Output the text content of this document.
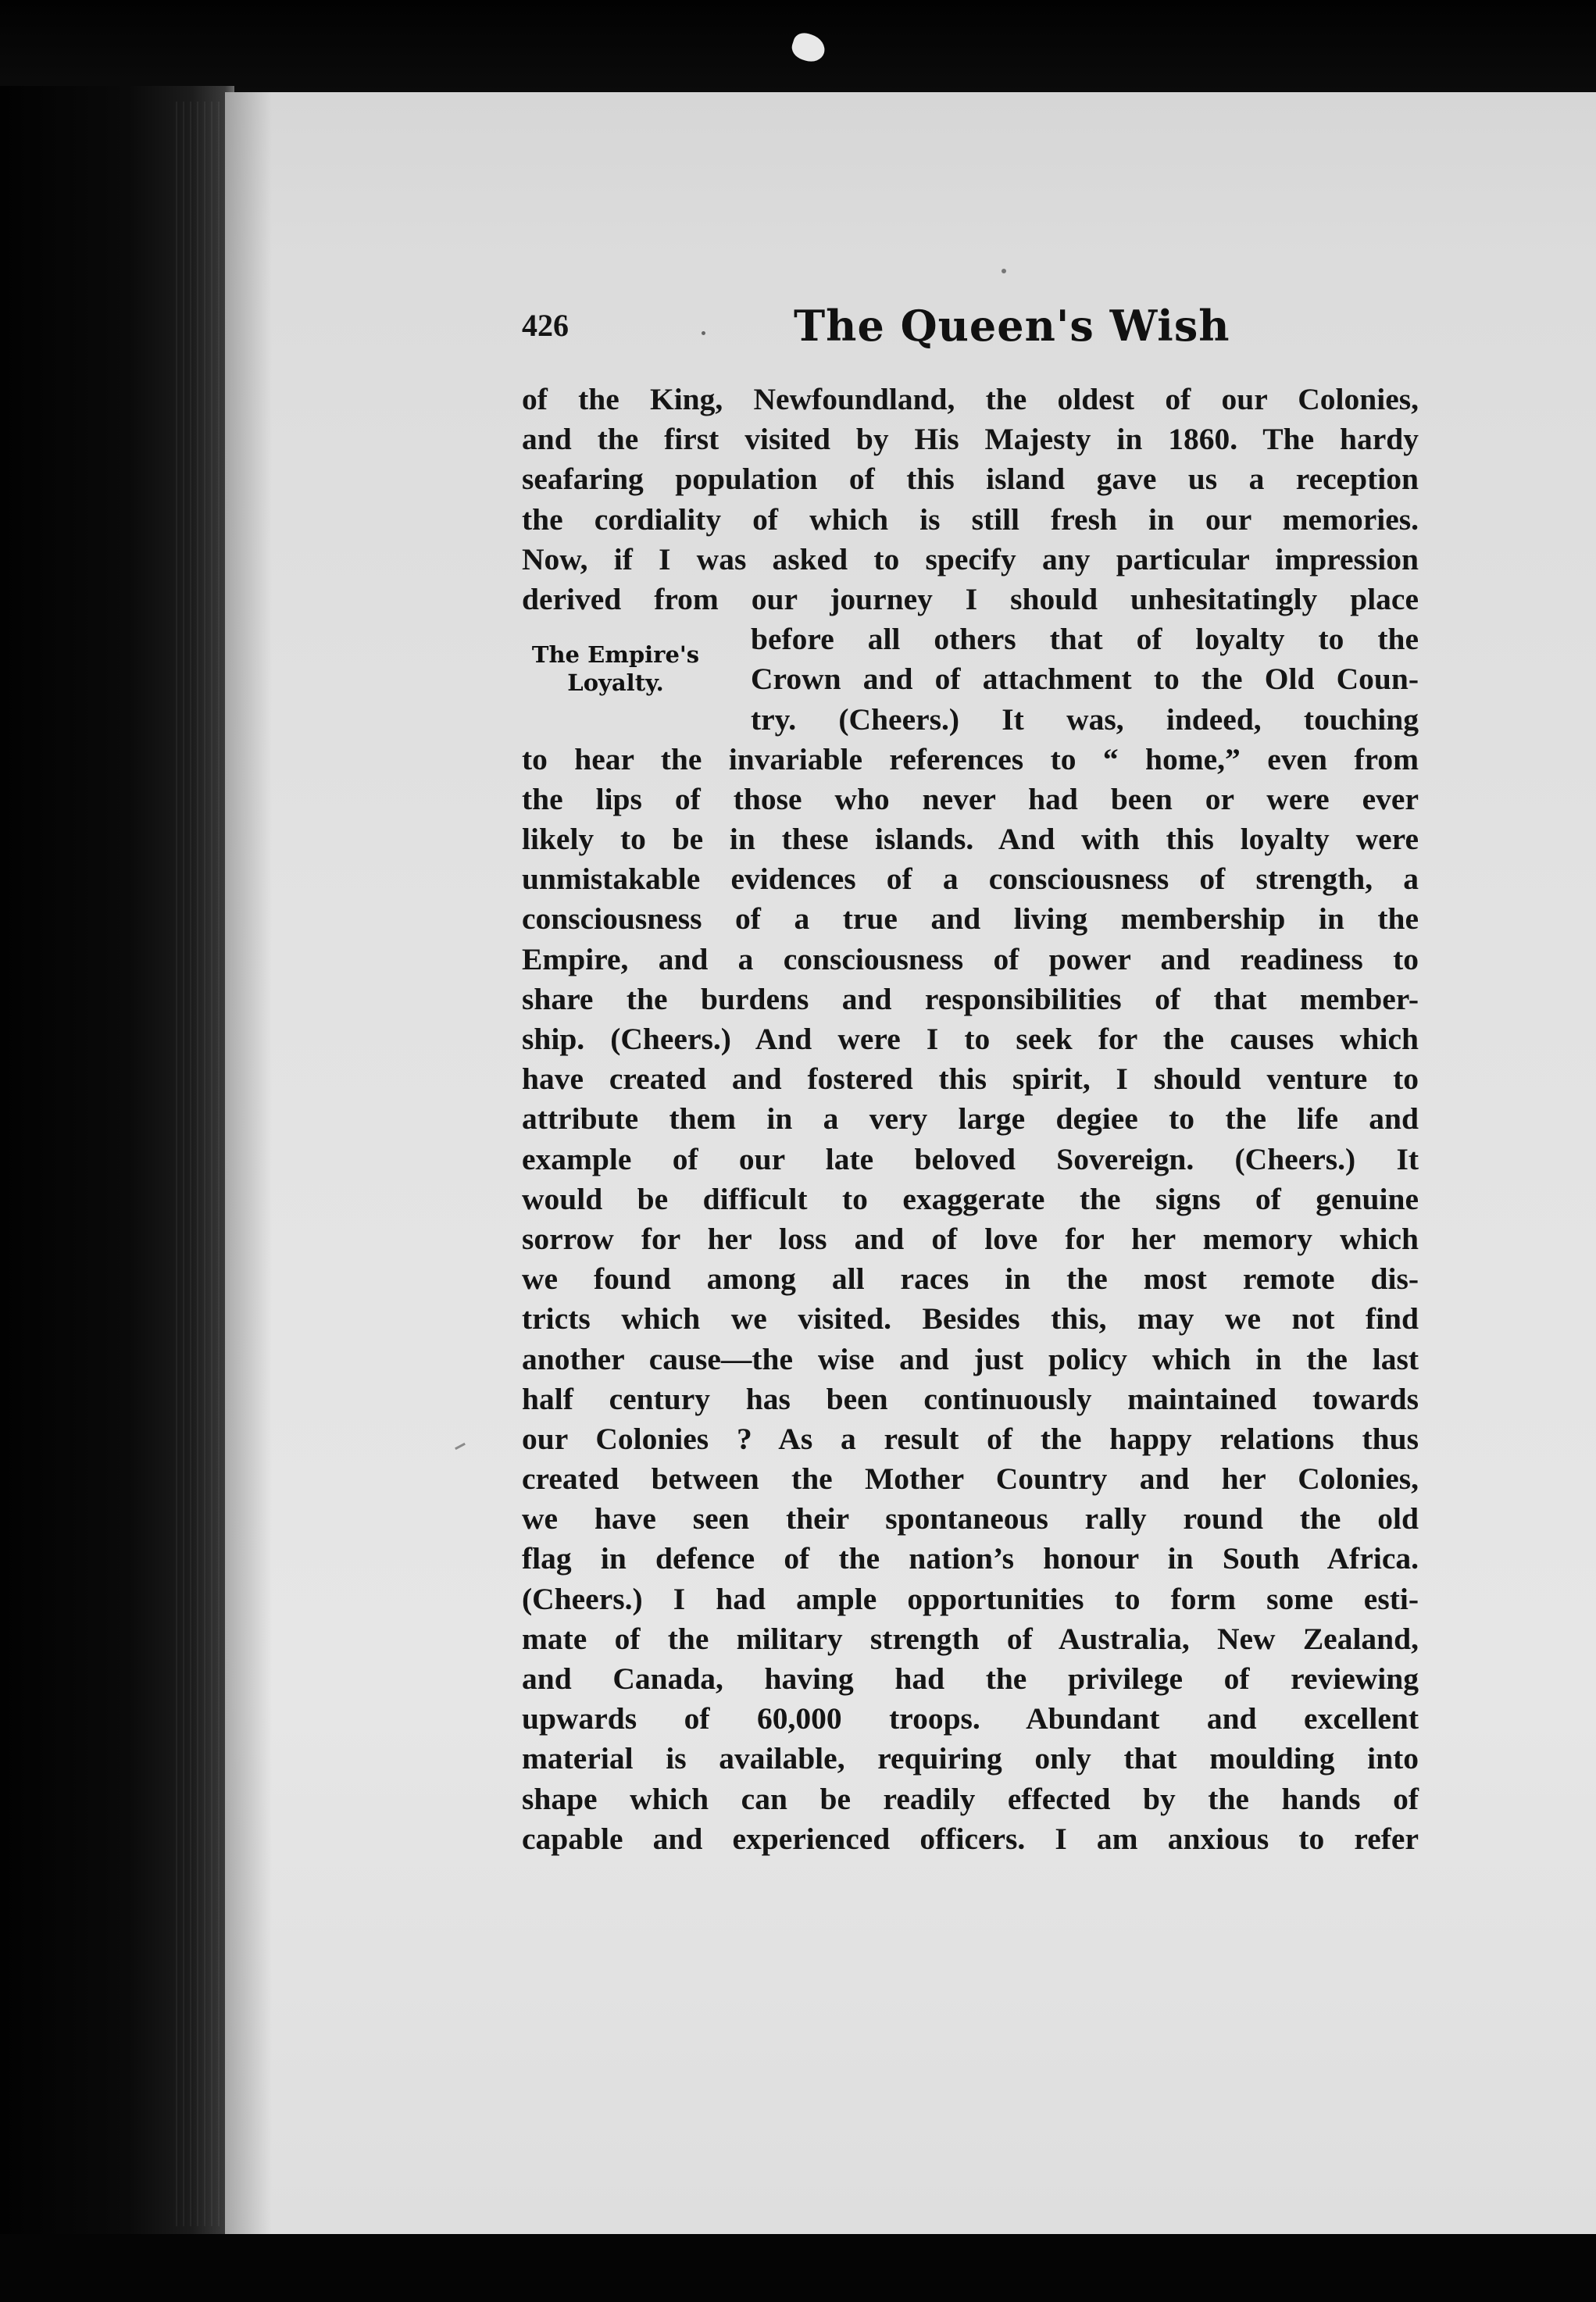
426	The Queen's Wish
The Empire's
Loyalty.
of the King, Newfoundland, the oldest of our Colonies,
and the first visited by His Majesty in 1860. The hardy
seafaring population of this island gave us a reception
the cordiality of which is still fresh in our memories.
Now, if I was asked to specify any particular impression
derived from our journey I should unhesitatingly place
before all others that of loyalty to the
Crown and of attachment to the Old Coun-
try. (Cheers.) It was, indeed, touching
to hear the invariable references to “ home,” even from
the lips of those who never had been or were ever
likely to be in these islands. And with this loyalty were
unmistakable evidences of a consciousness of strength, a
consciousness of a true and living membership in the
Empire, and a consciousness of power and readiness to
share the burdens and responsibilities of that member-
ship. (Cheers.) And were I to seek for the causes which
have created and fostered this spirit, I should venture to
attribute them in a very large degiee to the life and
example of our late beloved Sovereign. (Cheers.) It
would be difficult to exaggerate the signs of genuine
sorrow for her loss and of love for her memory which
we found among all races in the most remote dis-
tricts which we visited. Besides this, may we not find
another cause—the wise and just policy which in the last
half century has been continuously maintained towards
our Colonies ? As a result of the happy relations thus
created between the Mother Country and her Colonies,
we have seen their spontaneous rally round the old
flag in defence of the nation’s honour in South Africa.
(Cheers.) I had ample opportunities to form some esti-
mate of the military strength of Australia, New Zealand,
and Canada, having had the privilege of reviewing
upwards of 60,000 troops. Abundant and excellent
material is available, requiring only that moulding into
shape which can be readily effected by the hands of
capable and experienced officers. I am anxious to refer
